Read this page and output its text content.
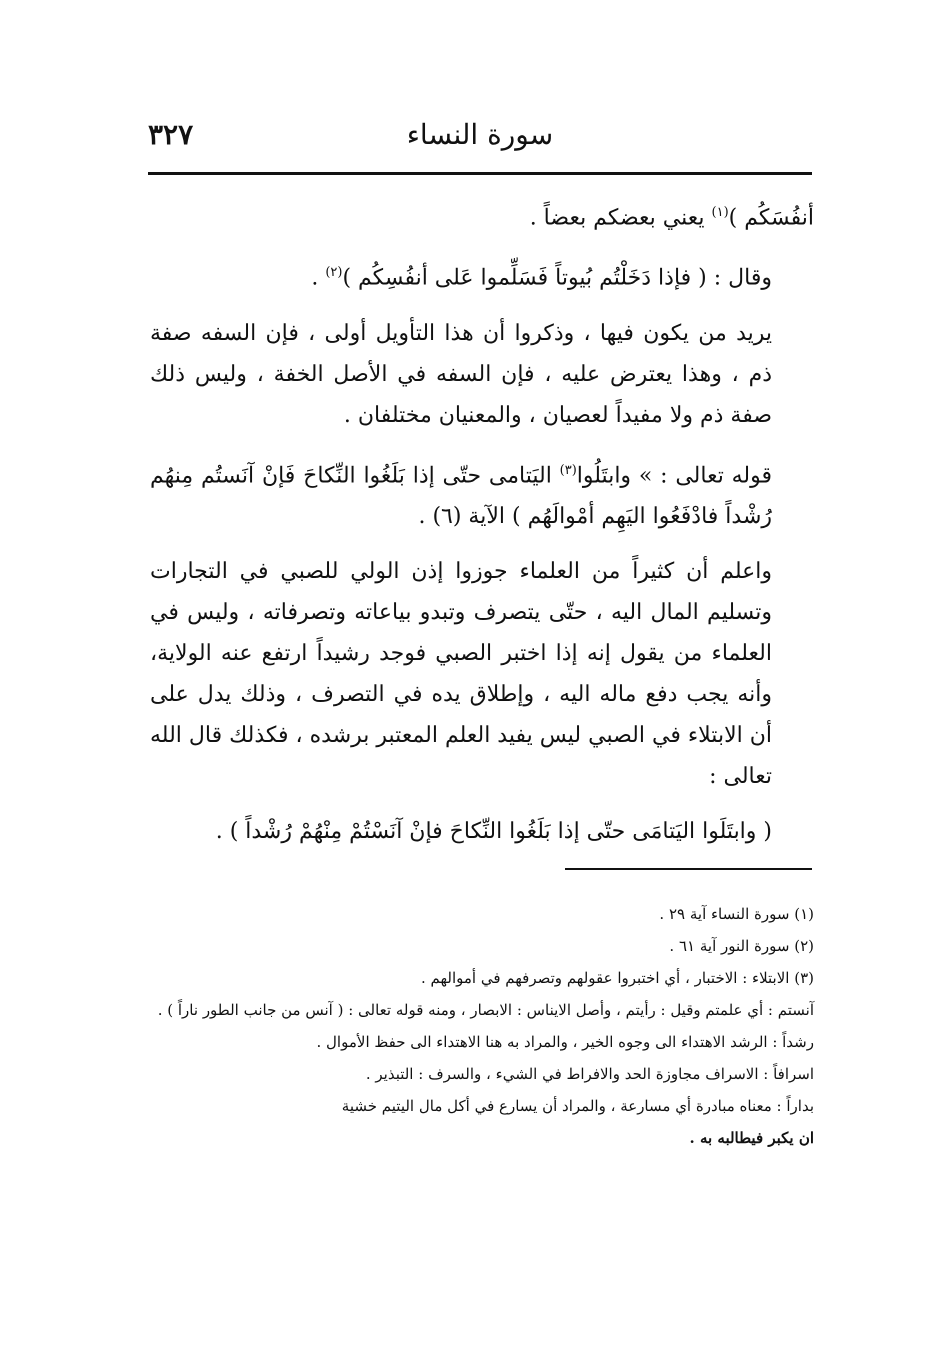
سورة النساء
٣٢٧

أنفُسَكُم )$^{(١)}$ يعني بعضكم بعضاً .

وقال : ( فإذا دَخَلْتُم بُيوتاً فَسَلِّموا عَلى أنفُسِكُم )$^{(٢)}$ .

يريد من يكون فيها ، وذكروا أن هذا التأويل أولى ، فإن السفه صفة ذم ، وهذا يعترض عليه ، فإن السفه في الأصل الخفة ، وليس ذلك صفة ذم ولا مفيداً لعصيان ، والمعنيان مختلفان .

قوله تعالى : » وابتَلُوا$^{(٣)}$ اليَتامى حتّى إذا بَلَغُوا النِّكاحَ فَإنْ آنَستُم مِنهُم رُشْداً فادْفَعُوا اليَهِم أمْوالَهُم ) الآية (٦) .

واعلم أن كثيراً من العلماء جوزوا إذن الولي للصبي في التجارات وتسليم المال اليه ، حتّى يتصرف وتبدو بياعاته وتصرفاته ، وليس في العلماء من يقول إنه إذا اختبر الصبي فوجد رشيداً ارتفع عنه الولاية، وأنه يجب دفع ماله اليه ، وإطلاق يده في التصرف ، وذلك يدل على أن الابتلاء في الصبي ليس يفيد العلم المعتبر برشده ، فكذلك قال الله تعالى :

( وابتَلَوا اليَتامَى حتّى إذا بَلَغُوا النِّكاحَ فإنْ آنَسْتُمْ مِنْهُمْ رُشْداً ) .

(١) سورة النساء آية ٢٩ .

(٢) سورة النور آية ٦١ .

(٣) الابتلاء : الاختبار ، أي اختبروا عقولهم وتصرفهم في أموالهم .

آنستم : أي علمتم وقيل : رأيتم ، وأصل الايناس : الابصار ، ومنه قوله تعالى : ( آنس من جانب الطور ناراً ) .

رشداً : الرشد الاهتداء الى وجوه الخير ، والمراد به هنا الاهتداء الى حفظ الأموال .

اسرافاً : الاسراف مجاوزة الحد والافراط في الشيء ، والسرف : التبذير .

بداراً : معناه مبادرة أي مسارعة ، والمراد أن يسارع في أكل مال اليتيم خشية

ان يكبر فيطالبه به .
